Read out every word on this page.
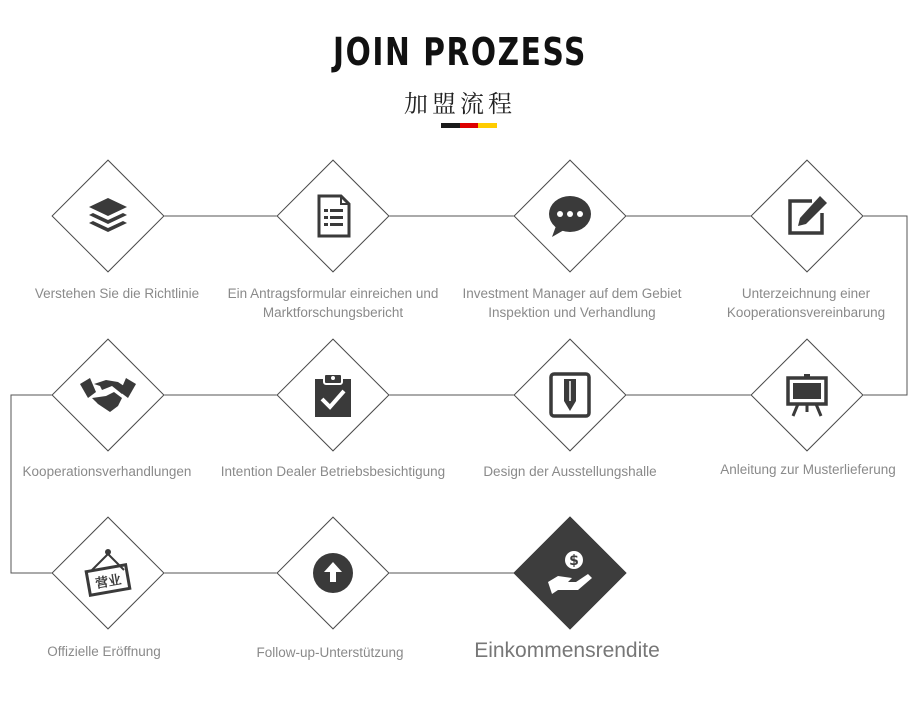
JOIN PROZESS
加盟流程
Verstehen Sie die Richtlinie	Ein Antragsformular einreichen und Marktforschungsbericht
Investment Manager auf dem Gebiet Inspektion und Verhandlung
Unterzeichnung einer Kooperationsvereinbarung
Kooperationsverhandlungen	Intention Dealer Betriebsbesichtigung	Design der Ausstellungshalle	Anleitung zur Musterlieferung
营业
Offizielle Eröffnung	Follow-up-Unterstützung
$
Einkommensrendite
